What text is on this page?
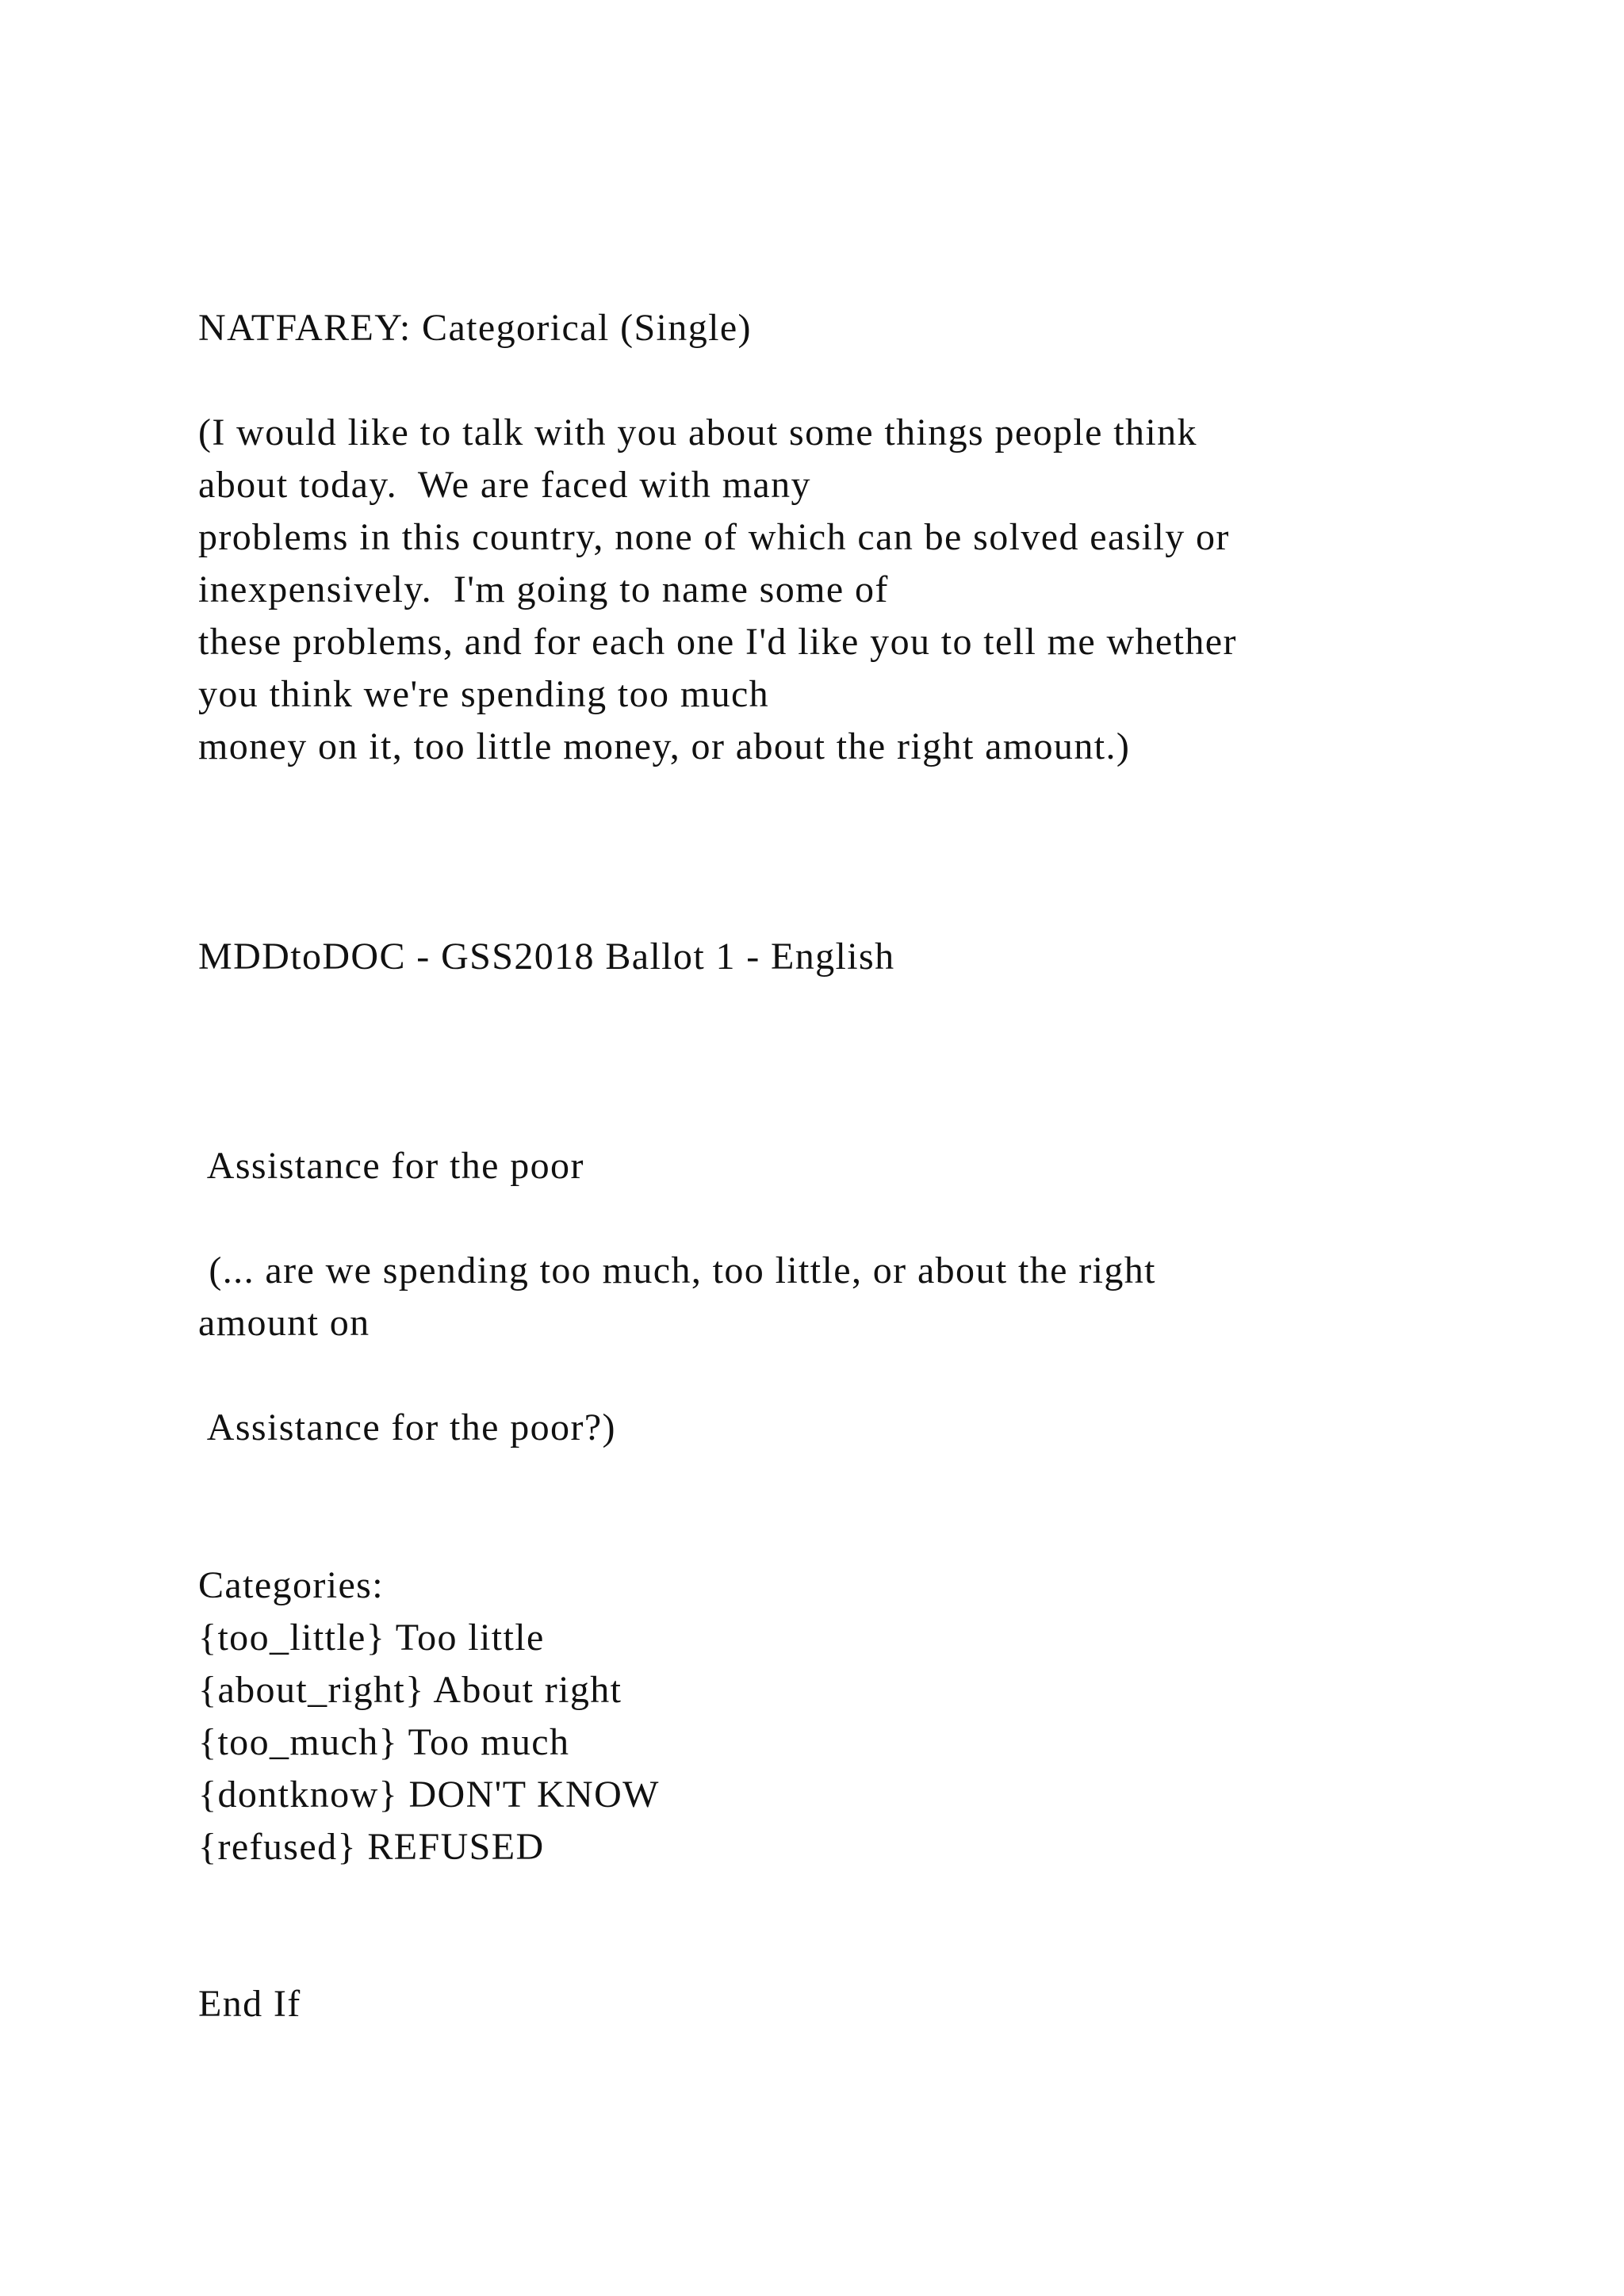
NATFAREY: Categorical (Single)
(I would like to talk with you about some things people think
about today.  We are faced with many
problems in this country, none of which can be solved easily or
inexpensively.  I'm going to name some of
these problems, and for each one I'd like you to tell me whether
you think we're spending too much
money on it, too little money, or about the right amount.)
MDDtoDOC - GSS2018 Ballot 1 - English
Assistance for the poor
(... are we spending too much, too little, or about the right
amount on
Assistance for the poor?)
Categories:
{too_little} Too little
{about_right} About right
{too_much} Too much
{dontknow} DON'T KNOW
{refused} REFUSED
End If
